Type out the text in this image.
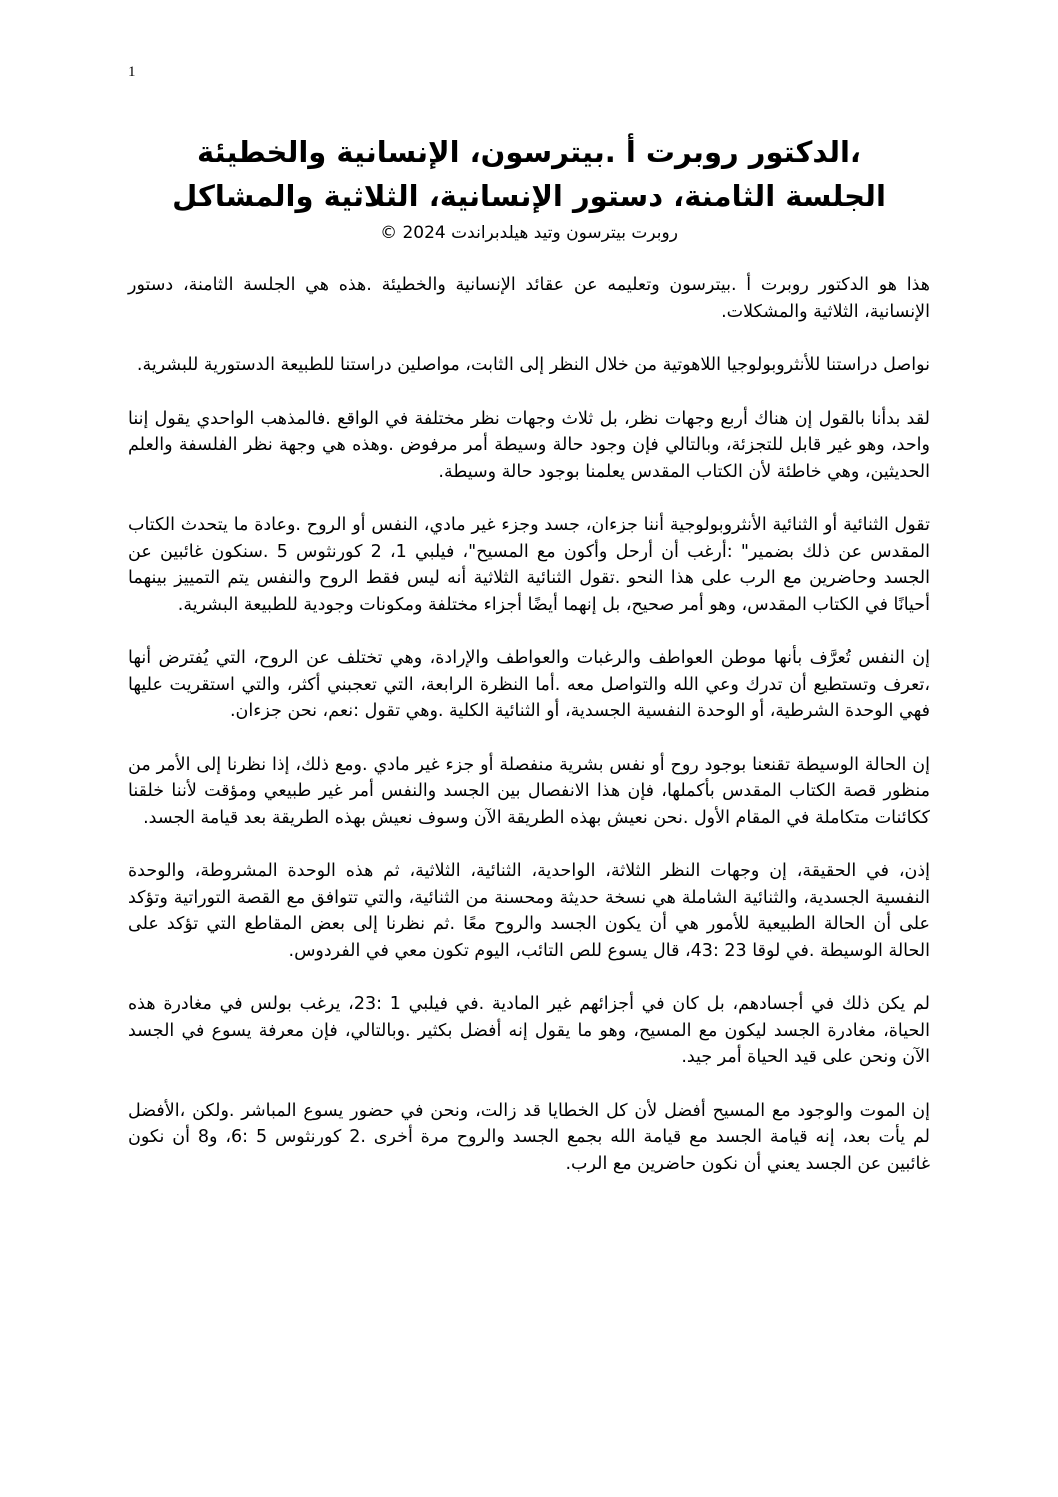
1
،الدكتور روبرت أ .بيترسون، الإنسانية والخطيئة
الجلسة الثامنة، دستور الإنسانية، الثلاثية والمشاكل
روبرت بيترسون وتيد هيلدبراندت 2024 ©

هذا هو الدكتور روبرت أ .بيترسون وتعليمه عن عقائد الإنسانية والخطيئة .هذه هي الجلسة الثامنة، دستور الإنسانية، الثلاثية والمشكلات.

نواصل دراستنا للأنثروبولوجيا اللاهوتية من خلال النظر إلى الثابت، مواصلين دراستنا للطبيعة الدستورية للبشرية.

لقد بدأنا بالقول إن هناك أربع وجهات نظر، بل ثلاث وجهات نظر مختلفة في الواقع .فالمذهب الواحدي يقول إننا واحد، وهو غير قابل للتجزئة، وبالتالي فإن وجود حالة وسيطة أمر مرفوض .وهذه هي وجهة نظر الفلسفة والعلم الحديثين، وهي خاطئة لأن الكتاب المقدس يعلمنا بوجود حالة وسيطة.

تقول الثنائية أو الثنائية الأنثروبولوجية أننا جزءان، جسد وجزء غير مادي، النفس أو الروح .وعادة ما يتحدث الكتاب المقدس عن ذلك بضمير" :أرغب أن أرحل وأكون مع المسيح"، فيلبي 1، 2 كورنثوس 5 .سنكون غائبين عن الجسد وحاضرين مع الرب على هذا النحو .تقول الثنائية الثلاثية أنه ليس فقط الروح والنفس يتم التمييز بينهما أحيانًا في الكتاب المقدس، وهو أمر صحيح، بل إنهما أيضًا أجزاء مختلفة ومكونات وجودية للطبيعة البشرية.

إن النفس تُعرَّف بأنها موطن العواطف والرغبات والعواطف والإرادة، وهي تختلف عن الروح، التي يُفترض أنها ،تعرف وتستطيع أن تدرك وعي الله والتواصل معه .أما النظرة الرابعة، التي تعجبني أكثر، والتي استقريت عليها فهي الوحدة الشرطية، أو الوحدة النفسية الجسدية، أو الثنائية الكلية .وهي تقول :نعم، نحن جزءان.

إن الحالة الوسيطة تقنعنا بوجود روح أو نفس بشرية منفصلة أو جزء غير مادي .ومع ذلك، إذا نظرنا إلى الأمر من منظور قصة الكتاب المقدس بأكملها، فإن هذا الانفصال بين الجسد والنفس أمر غير طبيعي ومؤقت لأننا خلقنا ككائنات متكاملة في المقام الأول .نحن نعيش بهذه الطريقة الآن وسوف نعيش بهذه الطريقة بعد قيامة الجسد.

إذن، في الحقيقة، إن وجهات النظر الثلاثة، الواحدية، الثنائية، الثلاثية، ثم هذه الوحدة المشروطة، والوحدة النفسية الجسدية، والثنائية الشاملة هي نسخة حديثة ومحسنة من الثنائية، والتي تتوافق مع القصة التوراتية وتؤكد على أن الحالة الطبيعية للأمور هي أن يكون الجسد والروح معًا .ثم نظرنا إلى بعض المقاطع التي تؤكد على الحالة الوسيطة .في لوقا 23 :43، قال يسوع للص التائب، اليوم تكون معي في الفردوس.

لم يكن ذلك في أجسادهم، بل كان في أجزائهم غير المادية .في فيلبي 1 :23، يرغب بولس في مغادرة هذه الحياة، مغادرة الجسد ليكون مع المسيح، وهو ما يقول إنه أفضل بكثير .وبالتالي، فإن معرفة يسوع في الجسد الآن ونحن على قيد الحياة أمر جيد.

إن الموت والوجود مع المسيح أفضل لأن كل الخطايا قد زالت، ونحن في حضور يسوع المباشر .ولكن ،الأفضل لم يأت بعد، إنه قيامة الجسد مع قيامة الله بجمع الجسد والروح مرة أخرى .2 كورنثوس 5 :6، و8 أن نكون غائبين عن الجسد يعني أن نكون حاضرين مع الرب.
